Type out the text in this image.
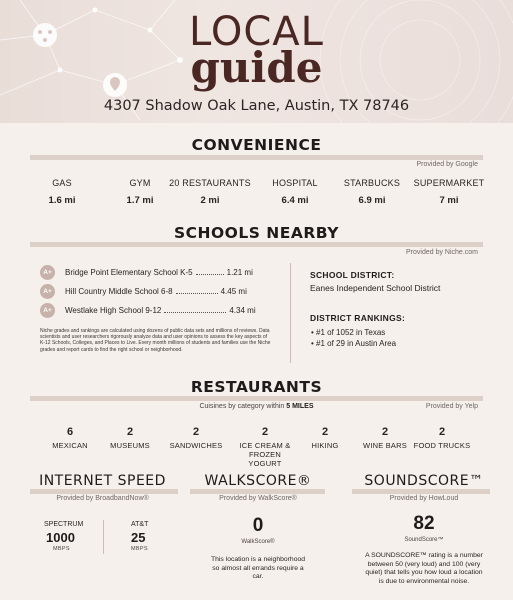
LOCAL
guide
4307 Shadow Oak Lane, Austin, TX 78746
CONVENIENCE
Provided by Google
GAS
1.6 mi
GYM
1.7 mi
20 RESTAURANTS
2 mi
HOSPITAL
6.4 mi
STARBUCKS
6.9 mi
SUPERMARKET
7 mi
SCHOOLS NEARBY
Provided by Niche.com
A+	Bridge Point Elementary School K-5	1.21 mi
A+	Hill Country Middle School 6-8	4.45 mi
A+	Westlake High School 9-12	4.34 mi
SCHOOL DISTRICT:
Eanes Independent School District
DISTRICT RANKINGS:
• #1 of 1052 in Texas
• #1 of 29 in Austin Area
Niche grades and rankings are calculated using dozens of public data sets and millions of reviews. Data scientists and user researchers rigorously analyze data and user opinions to assess the key aspects of K-12 Schools, Colleges, and Places to Live. Every month millions of students and families use the Niche grades and report cards to find the right school or neighborhood.
RESTAURANTS
Cuisines by category within 5 MILES	Provided by Yelp
6
MEXICAN
2
MUSEUMS
2
SANDWICHES
2
ICE CREAM & FROZEN YOGURT
2
HIKING
2
WINE BARS
2
FOOD TRUCKS
INTERNET SPEED
Provided by BroadbandNow®
SPECTRUM
1000
MBPS
AT&T
25
MBPS
WALKSCORE®
Provided by WalkScore®
0
WalkScore®
This location is a neighborhood so almost all errands require a car.
SOUNDSCORE™
Provided by HowLoud
82
SoundScore™
A SOUNDSCORE™ rating is a number between 50 (very loud) and 100 (very quiet) that tells you how loud a location is due to environmental noise.
